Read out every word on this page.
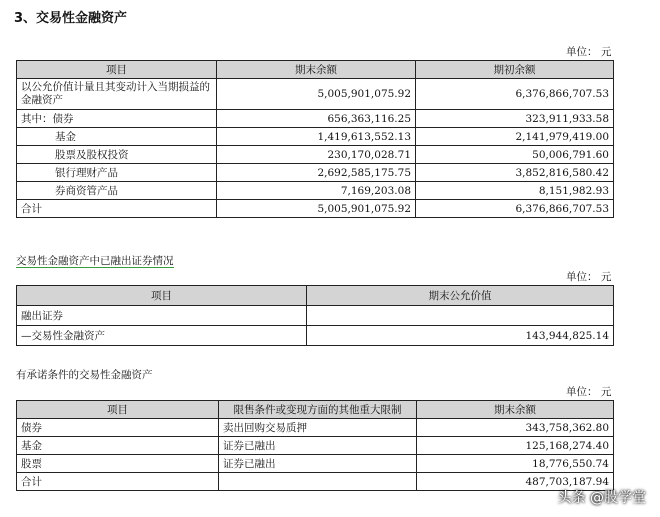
3、交易性金融资产
单位： 元
项目	期末余额	期初余额
以公允价值计量且其变动计入当期损益的金融资产	5,005,901,075.92	6,376,866,707.53
其中：债券	656,363,116.25	323,911,933.58
基金	1,419,613,552.13	2,141,979,419.00
股票及股权投资	230,170,028.71	50,006,791.60
银行理财产品	2,692,585,175.75	3,852,816,580.42
券商资管产品	7,169,203.08	8,151,982.93
合计	5,005,901,075.92	6,376,866,707.53
交易性金融资产中已融出证券情况
单位： 元
项目	期末公允价值
融出证券	
—交易性金融资产	143,944,825.14
有承诺条件的交易性金融资产
单位： 元
项目	限售条件或变现方面的其他重大限制	期末余额
债券	卖出回购交易质押	343,758,362.80
基金	证券已融出	125,168,274.40
股票	证券已融出	18,776,550.74
合计		487,703,187.94
头条 @股学堂
